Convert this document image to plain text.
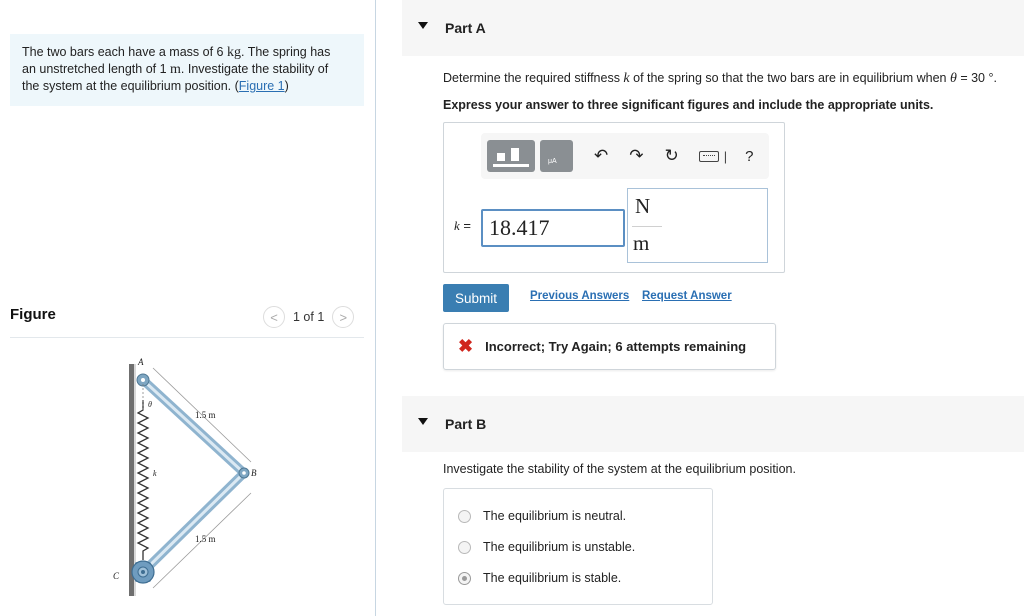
The two bars each have a mass of 6 kg. The spring has
an unstretched length of 1 m. Investigate the stability of
the system at the equilibrium position. (Figure 1)
Figure	<	1 of 1	>
A
θ
1.5 m
k	B
1.5 m
C
Part A
Determine the required stiffness k of the spring so that the two bars are in equilibrium when θ = 30 °.
Express your answer to three significant figures and include the appropriate units.
μA ↶ ↷ ↻	| ?
k = 18.417
N
m
Submit	Previous Answers Request Answer
✖ Incorrect; Try Again; 6 attempts remaining
Part B
Investigate the stability of the system at the equilibrium position.
The equilibrium is neutral.
The equilibrium is unstable.
The equilibrium is stable.
